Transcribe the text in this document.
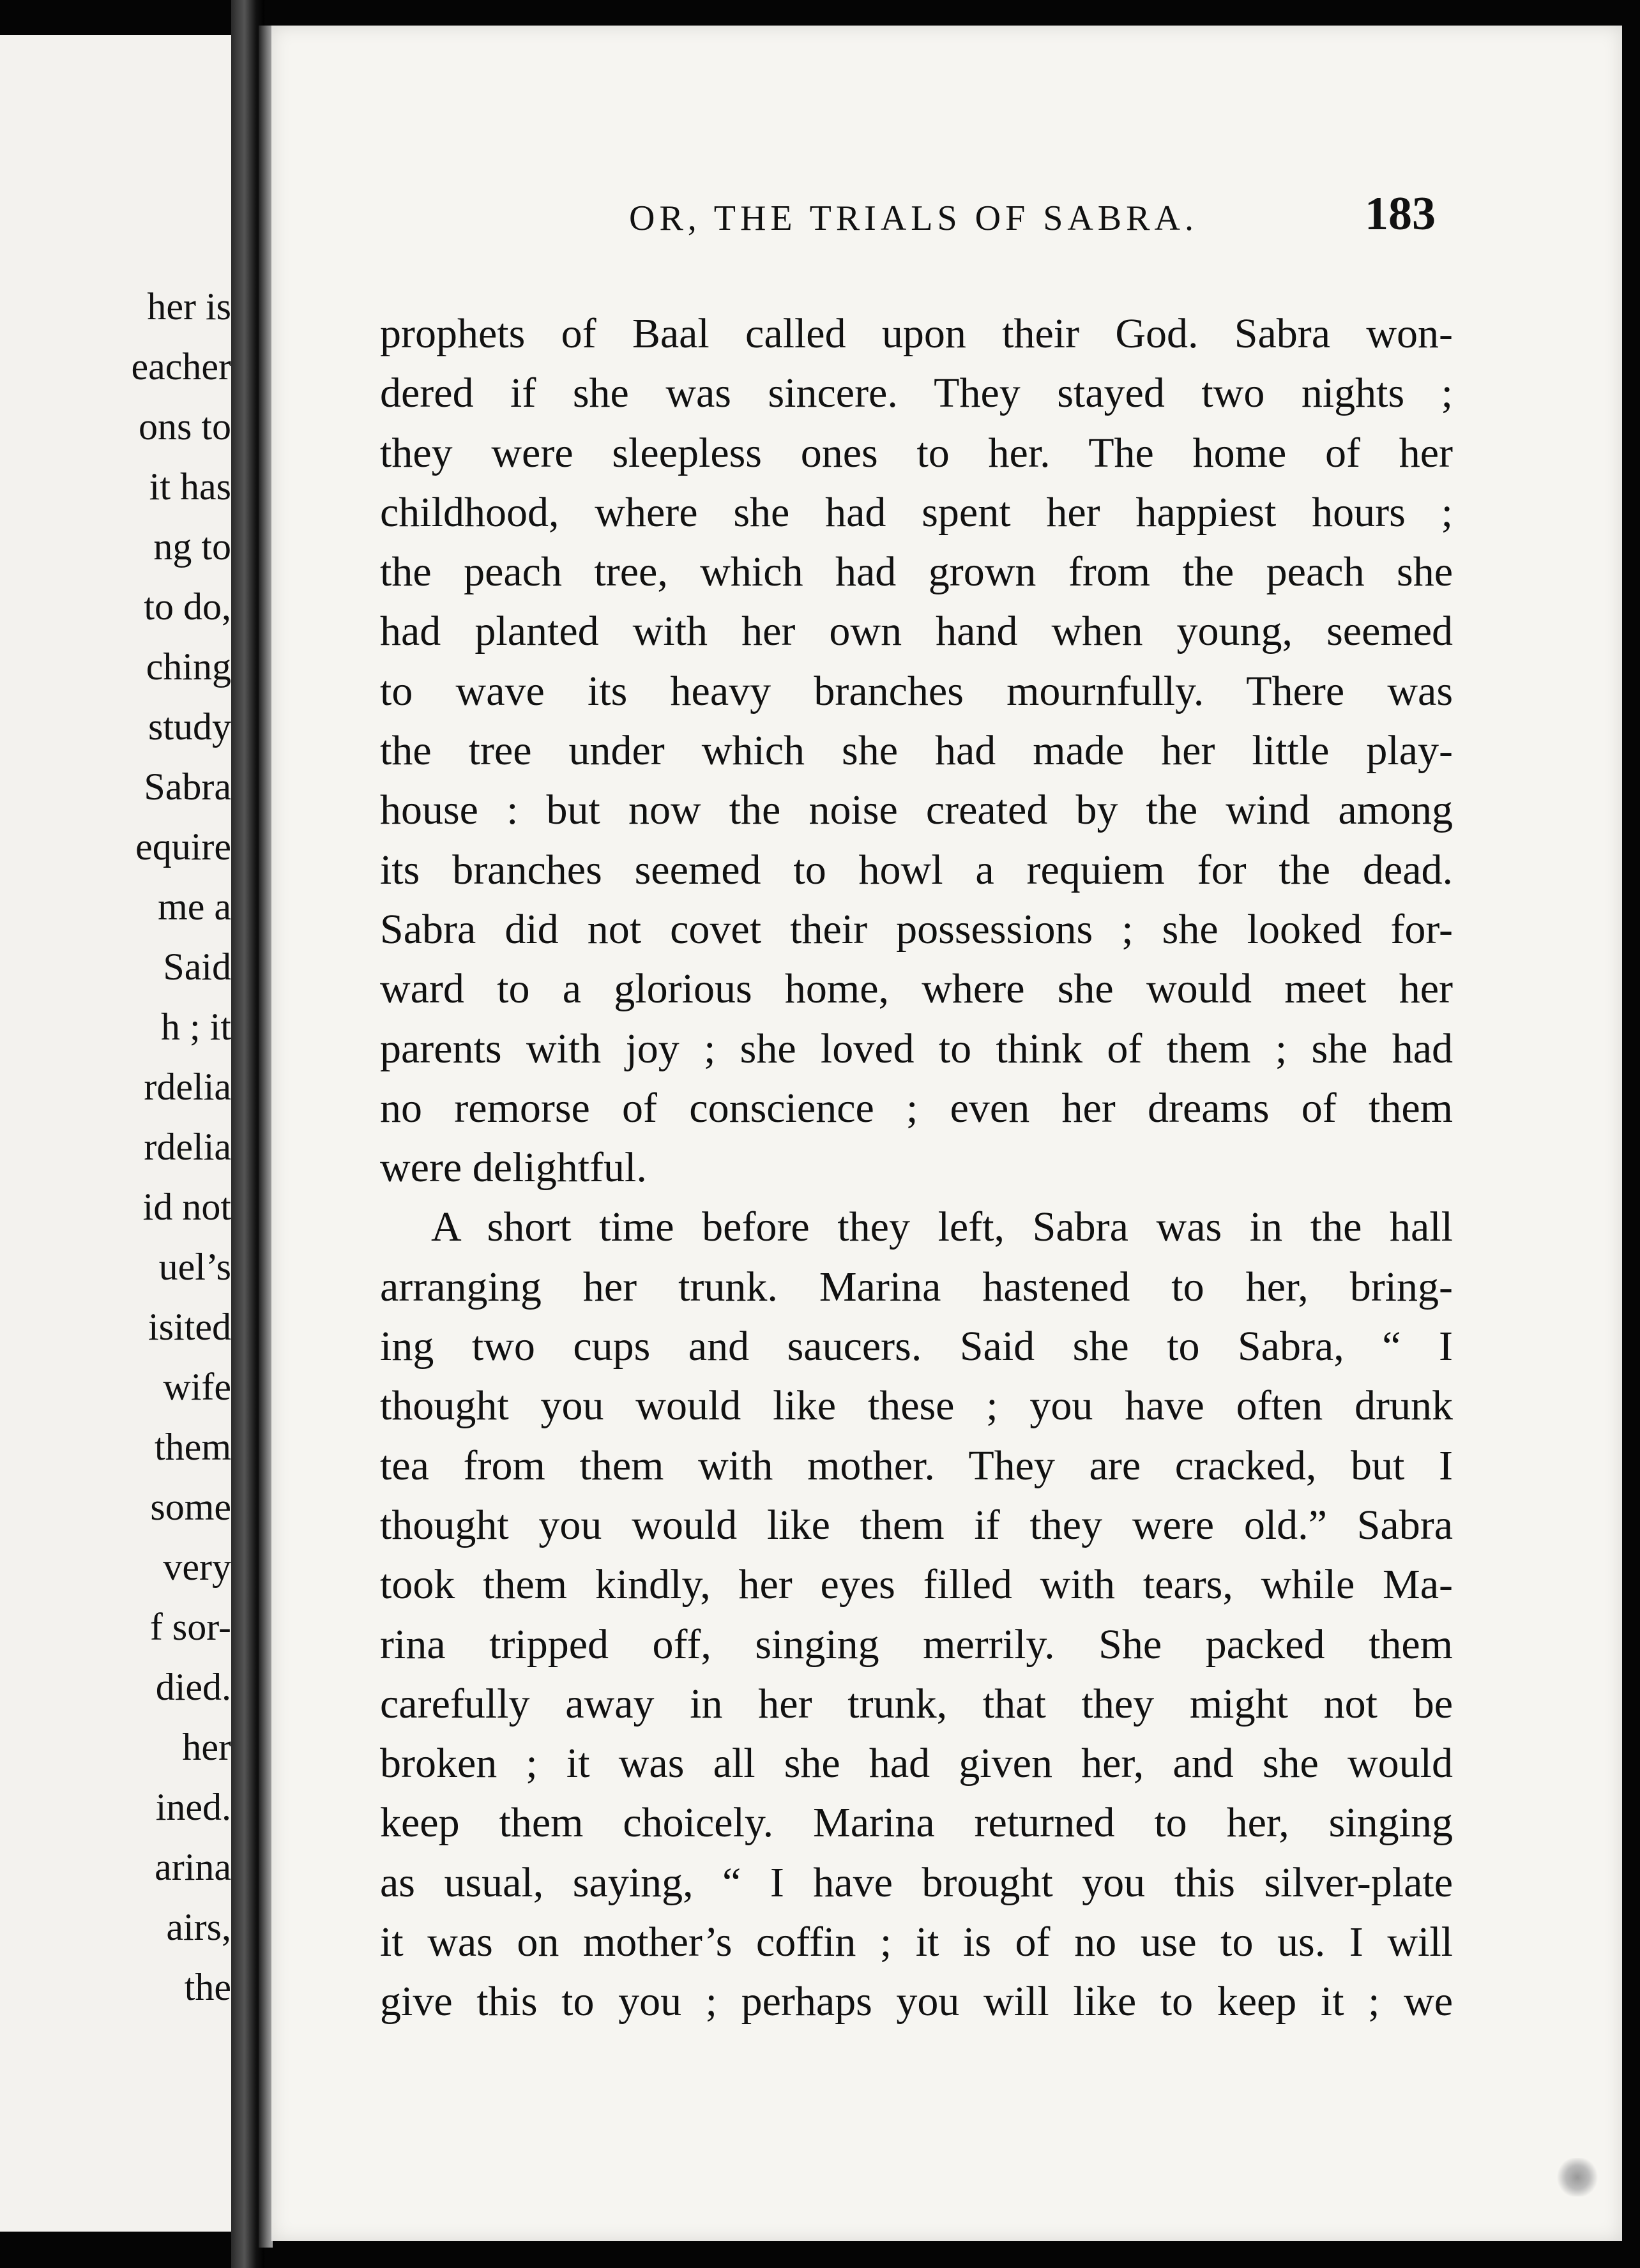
her is
eacher
ons to
it has
ng to
to do,
ching
study
Sabra
equire
me a
Said
h ; it
rdelia
rdelia
id not
uel’s
isited
wife
them
some
very
f sor-
died.
her
ined.
arina
airs,
the
OR, THE TRIALS OF SABRA.	183
prophets of Baal called upon their God. Sabra won-
dered if she was sincere. They stayed two nights ;
they were sleepless ones to her. The home of her
childhood, where she had spent her happiest hours ;
the peach tree, which had grown from the peach she
had planted with her own hand when young, seemed
to wave its heavy branches mournfully. There was
the tree under which she had made her little play-
house : but now the noise created by the wind among
its branches seemed to howl a requiem for the dead.
Sabra did not covet their possessions ; she looked for-
ward to a glorious home, where she would meet her
parents with joy ; she loved to think of them ; she had
no remorse of conscience ; even her dreams of them
were delightful.
A short time before they left, Sabra was in the hall
arranging her trunk. Marina hastened to her, bring-
ing two cups and saucers. Said she to Sabra, “ I
thought you would like these ; you have often drunk
tea from them with mother. They are cracked, but I
thought you would like them if they were old.” Sabra
took them kindly, her eyes filled with tears, while Ma-
rina tripped off, singing merrily. She packed them
carefully away in her trunk, that they might not be
broken ; it was all she had given her, and she would
keep them choicely. Marina returned to her, singing
as usual, saying, “ I have brought you this silver-plate
it was on mother’s coffin ; it is of no use to us. I will
give this to you ; perhaps you will like to keep it ; we
